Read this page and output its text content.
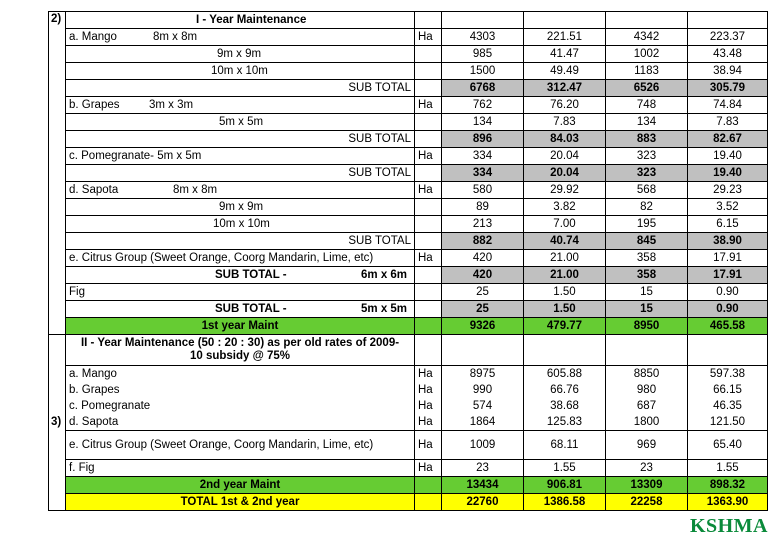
2)	I - Year Maintenance					
	a. Mango 8m x 8m	Ha	4303	221.51	4342	223.37
	9m x 9m		985	41.47	1002	43.48
	10m x 10m		1500	49.49	1183	38.94
	SUB TOTAL		6768	312.47	6526	305.79
	b. Grapes 3m x 3m	Ha	762	76.20	748	74.84
	5m x 5m		134	7.83	134	7.83
	SUB TOTAL		896	84.03	883	82.67
	c. Pomegranate- 5m x 5m	Ha	334	20.04	323	19.40
	SUB TOTAL		334	20.04	323	19.40
	d. Sapota 8m x 8m	Ha	580	29.92	568	29.23
	9m x 9m		89	3.82	82	3.52
	10m x 10m		213	7.00	195	6.15
	SUB TOTAL		882	40.74	845	38.90
	e. Citrus Group (Sweet Orange, Coorg Mandarin, Lime, etc)	Ha	420	21.00	358	17.91
	SUB TOTAL - 6m x 6m		420	21.00	358	17.91
	Fig		25	1.50	15	0.90
	SUB TOTAL - 5m x 5m		25	1.50	15	0.90
	1st year Maint		9326	479.77	8950	465.58
3)	II - Year Maintenance (50 : 20 : 30) as per old rates of 2009-
10 subsidy @ 75%					

	a. Mango	Ha	8975	605.88	8850	597.38
	b. Grapes	Ha	990	66.76	980	66.15
	c. Pomegranate	Ha	574	38.68	687	46.35
	d. Sapota	Ha	1864	125.83	1800	121.50
	e. Citrus Group (Sweet Orange, Coorg Mandarin, Lime, etc)	Ha	1009	68.11	969	65.40
	f. Fig	Ha	23	1.55	23	1.55
	2nd year Maint		13434	906.81	13309	898.32
	TOTAL 1st & 2nd year		22760	1386.58	22258	1363.90
KSHMA
